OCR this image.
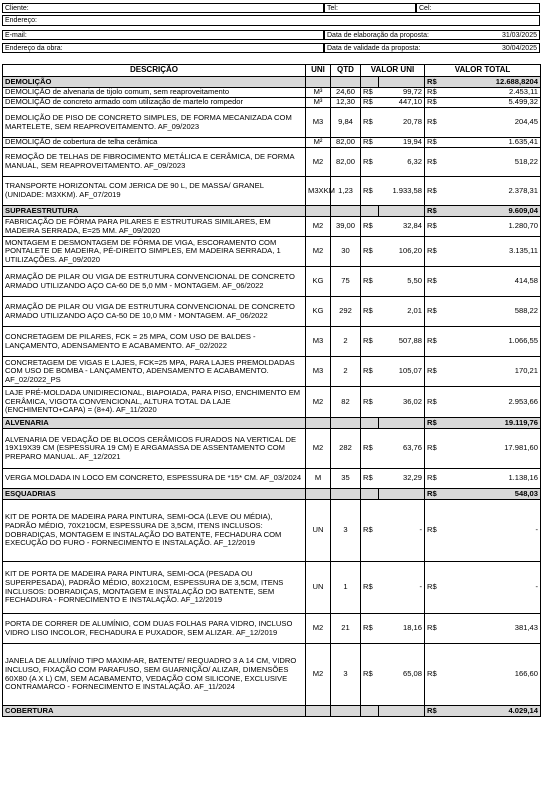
Cliente:	Tel:	Cel:
Endereço:
E-mail:	Data de elaboração da proposta:	31/03/2025
Endereço da obra:	Data de validade da proposta:	30/04/2025
DESCRIÇÃO	UNI	QTD	VALOR UNI		VALOR TOTAL	
DEMOLIÇÃO					R$	12.688,8204
DEMOLIÇÃO de alvenaria de tijolo comum, sem reaproveitamento	M³	24,60	R$	99,72	R$	2.453,11
DEMOLIÇÃO de concreto armado com utilização de martelo rompedor	M³	12,30	R$	447,10	R$	5.499,32
DEMOLIÇÃO DE PISO DE CONCRETO SIMPLES, DE FORMA MECANIZADA COM MARTELETE, SEM REAPROVEITAMENTO. AF_09/2023	M3	9,84	R$	20,78	R$	204,45
DEMOLIÇÃO de cobertura de telha cerâmica	M²	82,00	R$	19,94	R$	1.635,41
REMOÇÃO DE TELHAS DE FIBROCIMENTO METÁLICA E CERÂMICA, DE FORMA MANUAL, SEM REAPROVEITAMENTO. AF_09/2023	M2	82,00	R$	6,32	R$	518,22
TRANSPORTE HORIZONTAL COM JERICA DE 90 L, DE MASSA/ GRANEL (UNIDADE: M3XKM). AF_07/2019	M3XKM	1,23	R$	1.933,58	R$	2.378,31
SUPRAESTRUTURA					R$	9.609,04
FABRICAÇÃO DE FÔRMA PARA PILARES E ESTRUTURAS SIMILARES, EM MADEIRA SERRADA, E=25 MM. AF_09/2020	M2	39,00	R$	32,84	R$	1.280,70
MONTAGEM E DESMONTAGEM DE FÔRMA DE VIGA, ESCORAMENTO COM PONTALETE DE MADEIRA, PÉ-DIREITO SIMPLES, EM MADEIRA SERRADA, 1 UTILIZAÇÕES. AF_09/2020	M2	30	R$	106,20	R$	3.135,11
ARMAÇÃO DE PILAR OU VIGA DE ESTRUTURA CONVENCIONAL DE CONCRETO ARMADO UTILIZANDO AÇO CA-60 DE 5,0 MM - MONTAGEM. AF_06/2022	KG	75	R$	5,50	R$	414,58
ARMAÇÃO DE PILAR OU VIGA DE ESTRUTURA CONVENCIONAL DE CONCRETO ARMADO UTILIZANDO AÇO CA-50 DE 10,0 MM - MONTAGEM. AF_06/2022	KG	292	R$	2,01	R$	588,22
CONCRETAGEM DE PILARES, FCK = 25 MPA, COM USO DE BALDES - LANÇAMENTO, ADENSAMENTO E ACABAMENTO. AF_02/2022	M3	2	R$	507,88	R$	1.066,55
CONCRETAGEM DE VIGAS E LAJES, FCK=25 MPA, PARA LAJES PREMOLDADAS COM USO DE BOMBA - LANÇAMENTO, ADENSAMENTO E ACABAMENTO. AF_02/2022_PS	M3	2	R$	105,07	R$	170,21
LAJE PRÉ-MOLDADA UNIDIRECIONAL, BIAPOIADA, PARA PISO, ENCHIMENTO EM CERÂMICA, VIGOTA CONVENCIONAL, ALTURA TOTAL DA LAJE (ENCHIMENTO+CAPA) = (8+4). AF_11/2020	M2	82	R$	36,02	R$	2.953,66
ALVENARIA					R$	19.119,76
ALVENARIA DE VEDAÇÃO DE BLOCOS CERÂMICOS FURADOS NA VERTICAL DE 19X19X39 CM (ESPESSURA 19 CM) E ARGAMASSA DE ASSENTAMENTO COM PREPARO MANUAL. AF_12/2021	M2	282	R$	63,76	R$	17.981,60
VERGA MOLDADA IN LOCO EM CONCRETO, ESPESSURA DE *15* CM. AF_03/2024	M	35	R$	32,29	R$	1.138,16
ESQUADRIAS					R$	548,03
KIT DE PORTA DE MADEIRA PARA PINTURA, SEMI-OCA (LEVE OU MÉDIA), PADRÃO MÉDIO, 70X210CM, ESPESSURA DE 3,5CM, ITENS INCLUSOS: DOBRADIÇAS, MONTAGEM E INSTALAÇÃO DO BATENTE, FECHADURA COM EXECUÇÃO DO FURO - FORNECIMENTO E INSTALAÇÃO. AF_12/2019	UN	3	R$	-	R$	-
KIT DE PORTA DE MADEIRA PARA PINTURA, SEMI-OCA (PESADA OU SUPERPESADA), PADRÃO MÉDIO, 80X210CM, ESPESSURA DE 3,5CM, ITENS INCLUSOS: DOBRADIÇAS, MONTAGEM E INSTALAÇÃO DO BATENTE, SEM FECHADURA - FORNECIMENTO E INSTALAÇÃO. AF_12/2019	UN	1	R$	-	R$	-
PORTA DE CORRER DE ALUMÍNIO, COM DUAS FOLHAS PARA VIDRO, INCLUSO VIDRO LISO INCOLOR, FECHADURA E PUXADOR, SEM ALIZAR. AF_12/2019	M2	21	R$	18,16	R$	381,43
JANELA DE ALUMÍNIO TIPO MAXIM-AR, BATENTE/ REQUADRO 3 A 14 CM, VIDRO INCLUSO, FIXAÇÃO COM PARAFUSO, SEM GUARNIÇÃO/ ALIZAR, DIMENSÕES 60X80 (A X L) CM, SEM ACABAMENTO, VEDAÇÃO COM SILICONE, EXCLUSIVE CONTRAMARCO - FORNECIMENTO E INSTALAÇÃO. AF_11/2024	M2	3	R$	65,08	R$	166,60
COBERTURA					R$	4.029,14
